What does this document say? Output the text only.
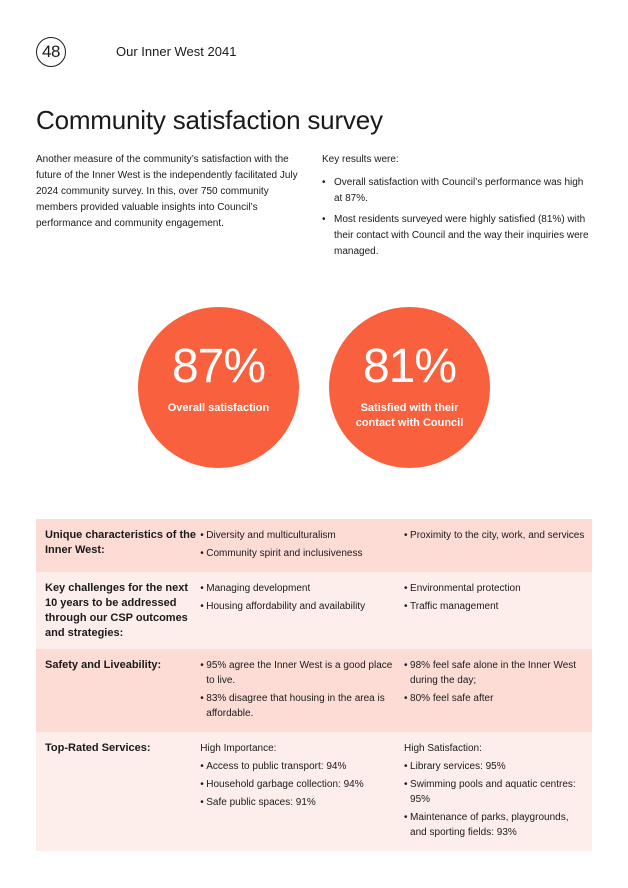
48	Our Inner West 2041
Community satisfaction survey

Another measure of the community’s satisfaction with the future of the Inner West is the independently facilitated July 2024 community survey. In this, over 750 community members provided valuable insights into Council’s performance and community engagement.

Key results were:

• Overall satisfaction with Council’s performance was high at 87%.
• Most residents surveyed were highly satisfied (81%) with their contact with Council and the way their inquiries were managed.
87%
Overall satisfaction
81%
Satisfied with their contact with Council
Unique characteristics of the Inner West:
• Diversity and multiculturalism
• Community spirit and inclusiveness
• Proximity to the city, work, and services
Key challenges for the next 10 years to be addressed through our CSP outcomes and strategies:
• Managing development
• Housing affordability and availability
• Environmental protection
• Traffic management
Safety and Liveability:
•	95% agree the Inner West is a good place to live.
• 83% disagree that housing in the area is affordable.
• 98% feel safe alone in the Inner West during the day;
• 80% feel safe after
Top-Rated Services:	High Importance:

• Access to public transport: 94%
• Household garbage collection: 94%
• Safe public spaces: 91%

High Satisfaction:

• Library services: 95%
• Swimming pools and aquatic centres: 95%
• Maintenance of parks, playgrounds, and sporting fields: 93%
